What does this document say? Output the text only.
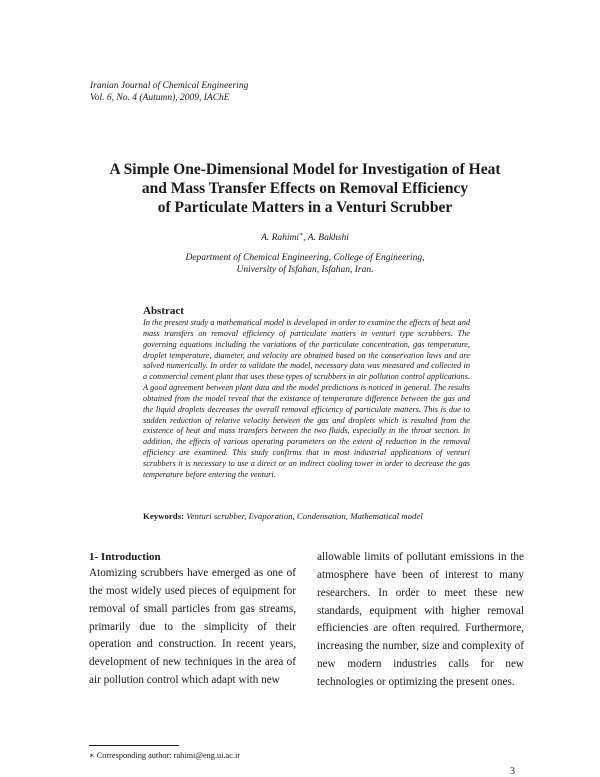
Iranian Journal of Chemical Engineering
Vol. 6, No. 4 (Autumn), 2009, IAChE
A Simple One-Dimensional Model for Investigation of Heat
and Mass Transfer Effects on Removal Efficiency
of Particulate Matters in a Venturi Scrubber
A. Rahimi∗, A. Bakhshi
Department of Chemical Engineering, College of Engineering,
University of Isfahan, Isfahan, Iran.
Abstract
In the present study a mathematical model is developed in order to examine the effects of heat and mass transfers on removal efficiency of particulate matters in venturi type scrubbers. The governing equations including the variations of the particulate concentration, gas temperature, droplet temperature, diameter, and velocity are obtained based on the conservation laws and are solved numerically. In order to validate the model, necessary data was measured and collected in a commercial cement plant that uses these types of scrubbers in air pollution control applications. A good agreement between plant data and the model predictions is noticed in general. The results obtained from the model reveal that the existance of temperature difference between the gas and the liquid droplets decreases the overall removal efficiency of particulate matters. This is due to sudden reduction of relative velocity between the gas and droplets which is resulted from the existence of heat and mass transfers between the two fluids, especially in the throat section. In addition, the effects of various operating parameters on the extent of reduction in the removal efficiency are examined. This study confirms that in most industrial applications of venturi scrubbers it is necessary to use a direct or an indirect cooling tower in order to decrease the gas temperature before entering the venturi.
Keywords: Venturi scrubber, Evaporation, Condensation, Mathematical model
1- Introduction
Atomizing scrubbers have emerged as one of the most widely used pieces of equipment for removal of small particles from gas streams, primarily due to the simplicity of their operation and construction. In recent years, development of new techniques in the area of air pollution control which adapt with new
allowable limits of pollutant emissions in the atmosphere have been of interest to many researchers. In order to meet these new standards, equipment with higher removal efficiencies are often required. Furthermore, increasing the number, size and complexity of new modern industries calls for new technologies or optimizing the present ones.
∗ Corresponding author: rahimi@eng.ui.ac.ir
3
